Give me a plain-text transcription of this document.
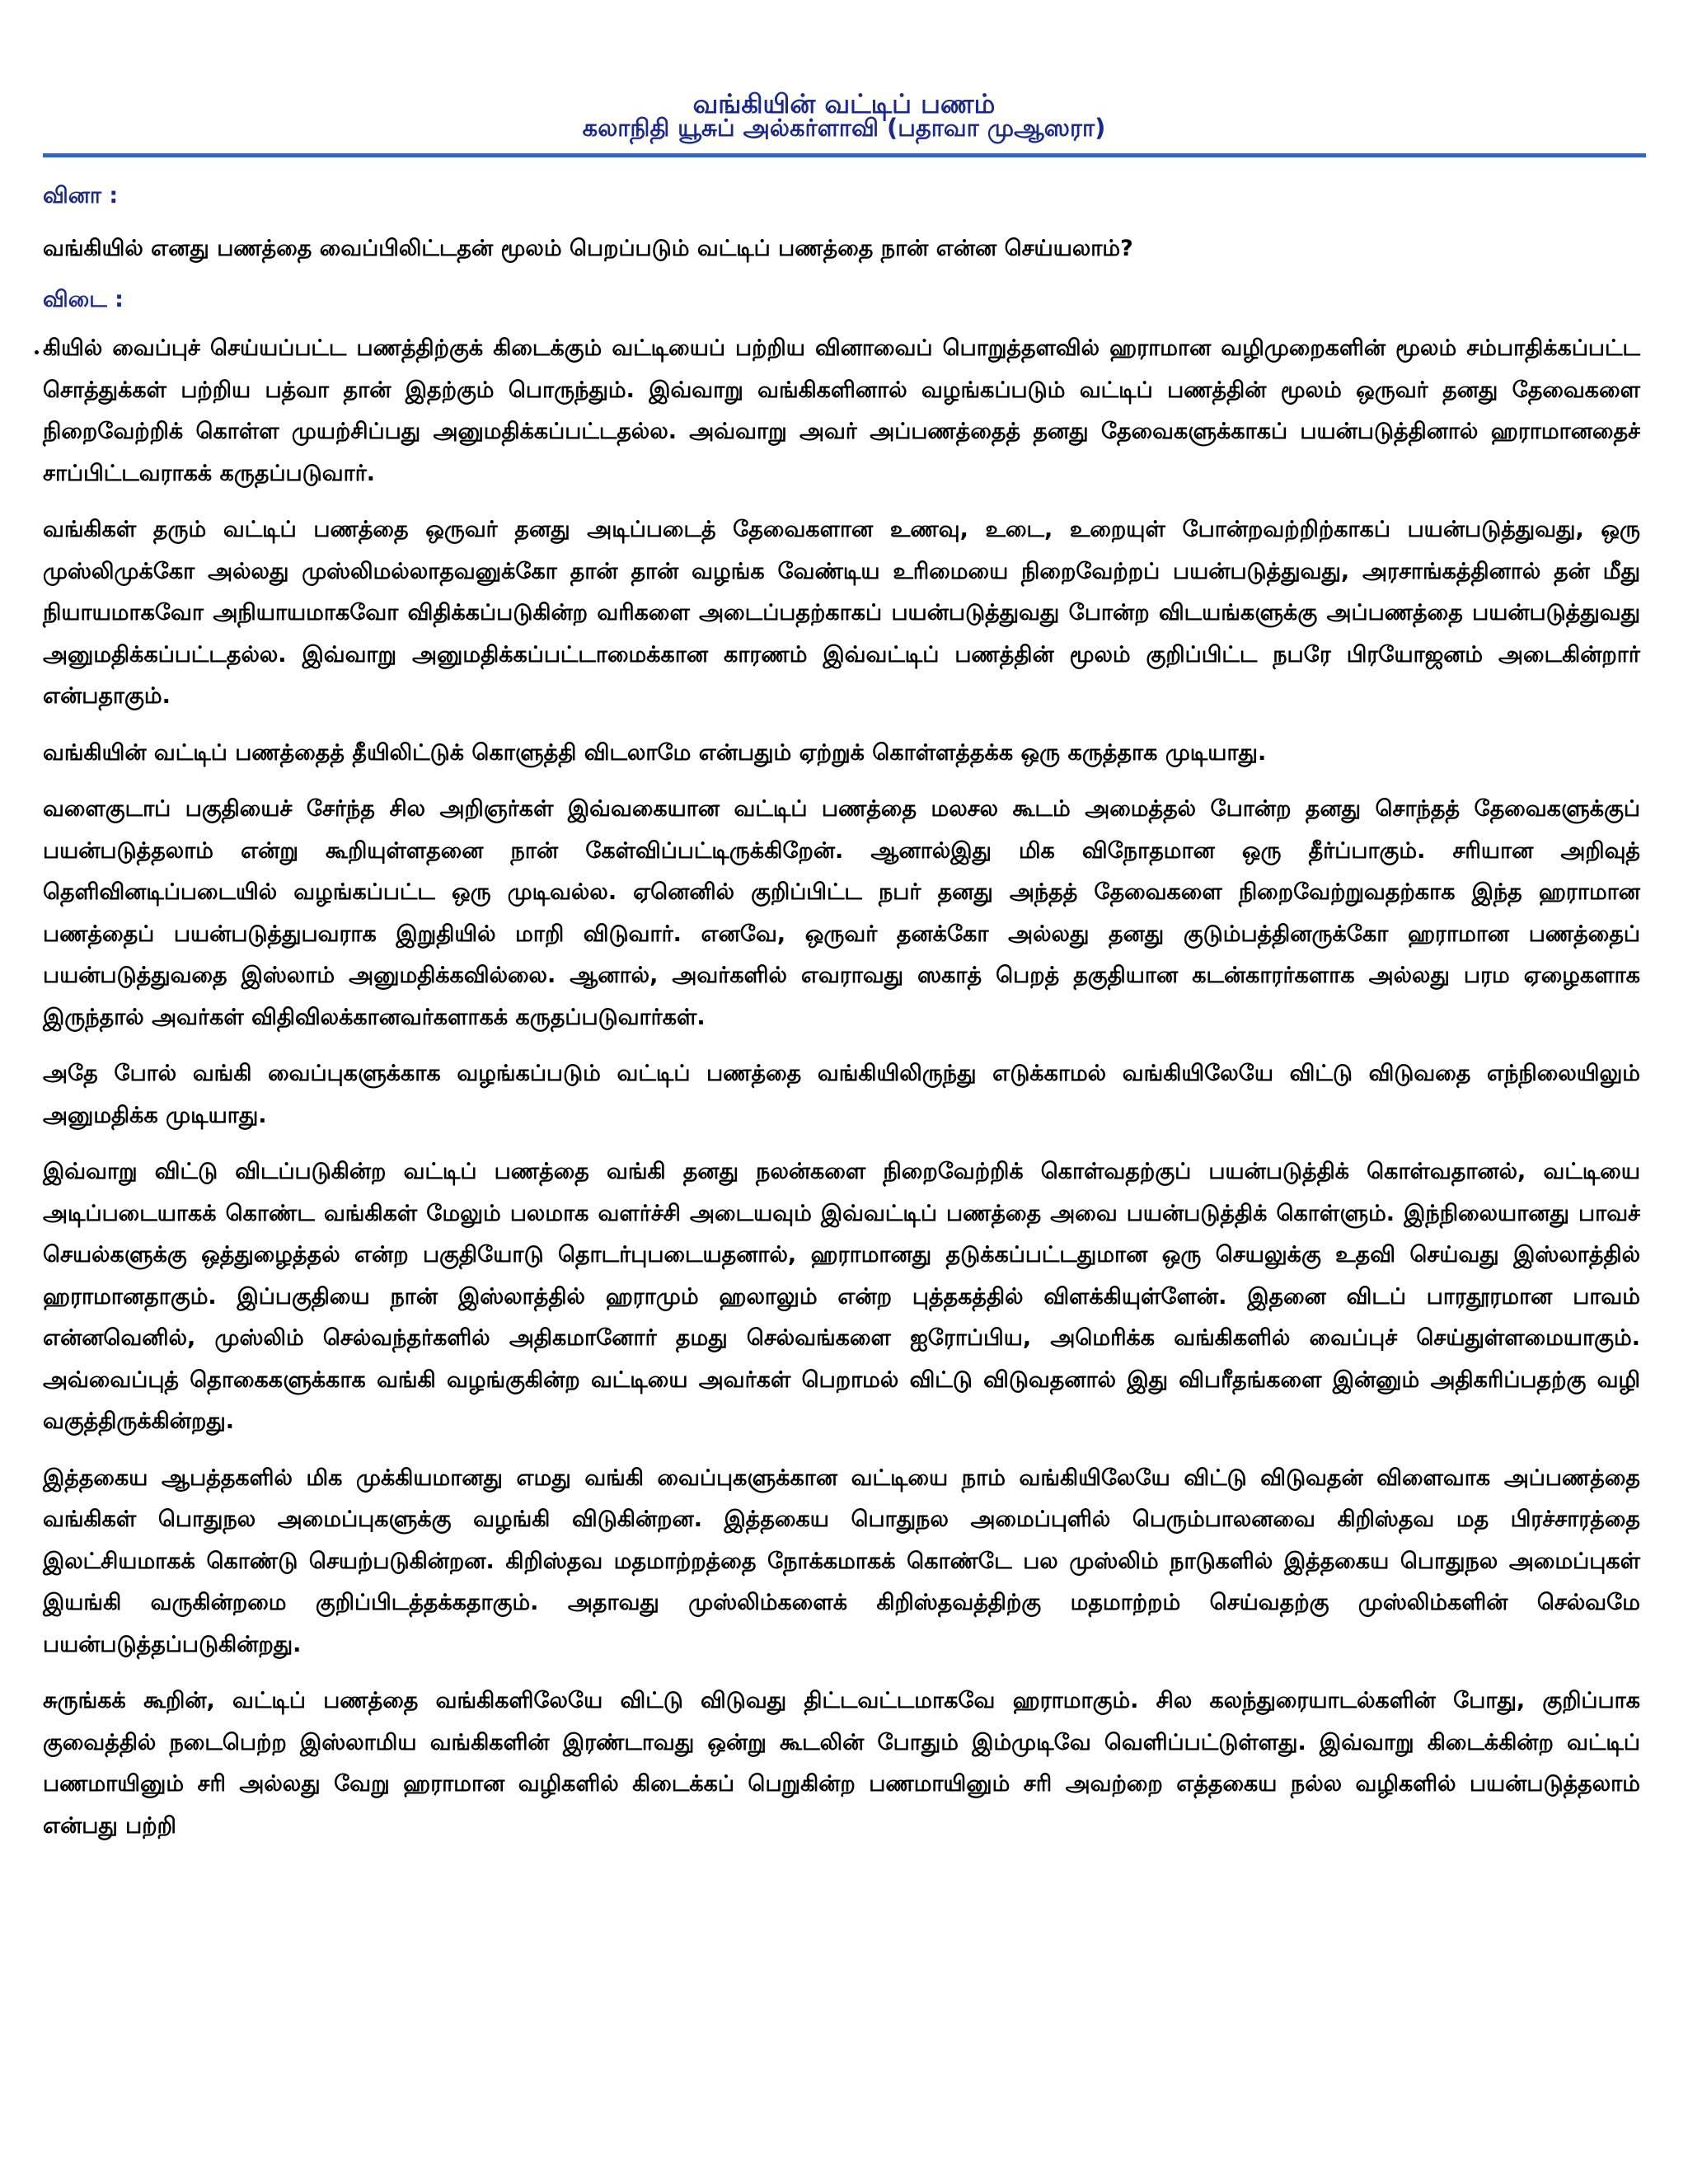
வங்கியின் வட்டிப் பணம்
கலாநிதி யூசுப் அல்கர்ளாவி (பதாவா முஆஸரா)

வினா :

வங்கியில் எனது பணத்தை வைப்பிலிட்டதன் மூலம் பெறப்படும் வட்டிப் பணத்தை நான் என்ன செய்யலாம்?

விடை :

• கியில் வைப்புச் செய்யப்பட்ட பணத்திற்குக் கிடைக்கும் வட்டியைப் பற்றிய வினாவைப் பொறுத்தளவில் ஹராமான வழிமுறைகளின் மூலம் சம்பாதிக்கப்பட்ட சொத்துக்கள் பற்றிய பத்வா தான் இதற்கும் பொருந்தும். இவ்வாறு வங்கிகளினால் வழங்கப்படும் வட்டிப் பணத்தின் மூலம் ஒருவர் தனது தேவைகளை நிறைவேற்றிக் கொள்ள முயற்சிப்பது அனுமதிக்கப்பட்டதல்ல. அவ்வாறு அவர் அப்பணத்தைத் தனது தேவைகளுக்காகப் பயன்படுத்தினால் ஹராமானதைச் சாப்பிட்டவராகக் கருதப்படுவார்.

வங்கிகள் தரும் வட்டிப் பணத்தை ஒருவர் தனது அடிப்படைத் தேவைகளான உணவு, உடை, உறையுள் போன்றவற்றிற்காகப் பயன்படுத்துவது, ஒரு முஸ்லிமுக்கோ அல்லது முஸ்லிமல்லாதவனுக்கோ தான் தான் வழங்க வேண்டிய உரிமையை நிறைவேற்றப் பயன்படுத்துவது, அரசாங்கத்தினால் தன் மீது நியாயமாகவோ அநியாயமாகவோ விதிக்கப்படுகின்ற வரிகளை அடைப்பதற்காகப் பயன்படுத்துவது போன்ற விடயங்களுக்கு அப்பணத்தை பயன்படுத்துவது அனுமதிக்கப்பட்டதல்ல. இவ்வாறு அனுமதிக்கப்பட்டாமைக்கான காரணம் இவ்வட்டிப் பணத்தின் மூலம் குறிப்பிட்ட நபரே பிரயோஜனம் அடைகின்றார் என்பதாகும்.

வங்கியின் வட்டிப் பணத்தைத் தீயிலிட்டுக் கொளுத்தி விடலாமே என்பதும் ஏற்றுக் கொள்ளத்தக்க ஒரு கருத்தாக முடியாது.

வளைகுடாப் பகுதியைச் சேர்ந்த சில அறிஞர்கள் இவ்வகையான வட்டிப் பணத்தை மலசல கூடம் அமைத்தல் போன்ற தனது சொந்தத் தேவைகளுக்குப் பயன்படுத்தலாம் என்று கூறியுள்ளதனை நான் கேள்விப்பட்டிருக்கிறேன். ஆனால்இது மிக விநோதமான ஒரு தீர்ப்பாகும். சரியான அறிவுத் தெளிவினடிப்படையில் வழங்கப்பட்ட ஒரு முடிவல்ல. ஏனெனில் குறிப்பிட்ட நபர் தனது அந்தத் தேவைகளை நிறைவேற்றுவதற்காக இந்த ஹராமான பணத்தைப் பயன்படுத்துபவராக இறுதியில் மாறி விடுவார். எனவே, ஒருவர் தனக்கோ அல்லது தனது குடும்பத்தினருக்கோ ஹராமான பணத்தைப் பயன்படுத்துவதை இஸ்லாம் அனுமதிக்கவில்லை. ஆனால், அவர்களில் எவராவது ஸகாத் பெறத் தகுதியான கடன்காரர்களாக அல்லது பரம ஏழைகளாக இருந்தால் அவர்கள் விதிவிலக்கானவர்களாகக் கருதப்படுவார்கள்.

அதே போல் வங்கி வைப்புகளுக்காக வழங்கப்படும் வட்டிப் பணத்தை வங்கியிலிருந்து எடுக்காமல் வங்கியிலேயே விட்டு விடுவதை எந்நிலையிலும் அனுமதிக்க முடியாது.

இவ்வாறு விட்டு விடப்படுகின்ற வட்டிப் பணத்தை வங்கி தனது நலன்களை நிறைவேற்றிக் கொள்வதற்குப் பயன்படுத்திக் கொள்வதானல், வட்டியை அடிப்படையாகக் கொண்ட வங்கிகள் மேலும் பலமாக வளர்ச்சி அடையவும் இவ்வட்டிப் பணத்தை அவை பயன்படுத்திக் கொள்ளும். இந்நிலையானது பாவச் செயல்களுக்கு ஒத்துழைத்தல் என்ற பகுதியோடு தொடர்புபடையதனால், ஹராமானது தடுக்கப்பட்டதுமான ஒரு செயலுக்கு உதவி செய்வது இஸ்லாத்தில் ஹராமானதாகும். இப்பகுதியை நான் இஸ்லாத்தில் ஹராமும் ஹலாலும் என்ற புத்தகத்தில் விளக்கியுள்ளேன். இதனை விடப் பாரதூரமான பாவம் என்னவெனில், முஸ்லிம் செல்வந்தர்களில் அதிகமானோர் தமது செல்வங்களை ஐரோப்பிய, அமெரிக்க வங்கிகளில் வைப்புச் செய்துள்ளமையாகும். அவ்வைப்புத் தொகைகளுக்காக வங்கி வழங்குகின்ற வட்டியை அவர்கள் பெறாமல் விட்டு விடுவதனால் இது விபரீதங்களை இன்னும் அதிகரிப்பதற்கு வழி வகுத்திருக்கின்றது.

இத்தகைய ஆபத்தகளில் மிக முக்கியமானது எமது வங்கி வைப்புகளுக்கான வட்டியை நாம் வங்கியிலேயே விட்டு விடுவதன் விளைவாக அப்பணத்தை வங்கிகள் பொதுநல அமைப்புகளுக்கு வழங்கி விடுகின்றன. இத்தகைய பொதுநல அமைப்புளில் பெரும்பாலனவை கிறிஸ்தவ மத பிரச்சாரத்தை இலட்சியமாகக் கொண்டு செயற்படுகின்றன. கிறிஸ்தவ மதமாற்றத்தை நோக்கமாகக் கொண்டே பல முஸ்லிம் நாடுகளில் இத்தகைய பொதுநல அமைப்புகள் இயங்கி வருகின்றமை குறிப்பிடத்தக்கதாகும். அதாவது முஸ்லிம்களைக் கிறிஸ்தவத்திற்கு மதமாற்றம் செய்வதற்கு முஸ்லிம்களின் செல்வமே பயன்படுத்தப்படுகின்றது.

சுருங்கக் கூறின், வட்டிப் பணத்தை வங்கிகளிலேயே விட்டு விடுவது திட்டவட்டமாகவே ஹராமாகும். சில கலந்துரையாடல்களின் போது, குறிப்பாக குவைத்தில் நடைபெற்ற இஸ்லாமிய வங்கிகளின் இரண்டாவது ஒன்று கூடலின் போதும் இம்முடிவே வெளிப்பட்டுள்ளது. இவ்வாறு கிடைக்கின்ற வட்டிப் பணமாயினும் சரி அல்லது வேறு ஹராமான வழிகளில் கிடைக்கப் பெறுகின்ற பணமாயினும் சரி அவற்றை எத்தகைய நல்ல வழிகளில் பயன்படுத்தலாம் என்பது பற்றி
